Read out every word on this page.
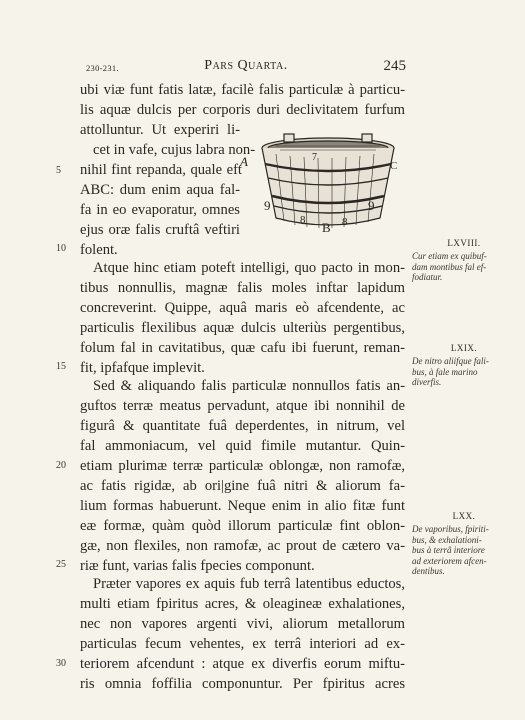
230-231.	Pars Quarta.	245
ubi viæ funt fatis latæ, facilè falis particulæ à particu-
lis aquæ dulcis per corporis duri declivitatem furfum
attolluntur. Ut experiri li-
cet in vafe, cujus labra non-
nihil fint repanda, quale eft
ABC: dum enim aqua fal-
fa in eo evaporatur, omnes
ejus oræ falis cruftâ veftiri
folent.
Atque hinc etiam poteft intelligi, quo pacto in mon-
tibus nonnullis, magnæ falis moles inftar lapidum
concreverint. Quippe, aquâ maris eò afcendente, ac
particulis flexilibus aquæ dulcis ulteriùs pergentibus,
folum fal in cavitatibus, quæ cafu ibi fuerunt, reman-
fit, ipfafque implevit.
Sed & aliquando falis particulæ nonnullos fatis an-
guftos terræ meatus pervadunt, atque ibi nonnihil de
figurâ & quantitate fuâ deperdentes, in nitrum, vel
fal ammoniacum, vel quid fimile mutantur. Quin-
etiam plurimæ terræ particulæ oblongæ, non ramofæ,
ac fatis rigidæ, ab ori|gine fuâ nitri & aliorum fa-
lium formas habuerunt. Neque enim in alio fitæ funt
eæ formæ, quàm quòd illorum particulæ fint oblon-
gæ, non flexiles, non ramofæ, ac prout de cætero va-
riæ funt, varias falis fpecies componunt.
Præter vapores ex aquis fub terrâ latentibus eductos,
multi etiam fpiritus acres, & oleagineæ exhalationes,
nec non vapores argenti vivi, aliorum metallorum
particulas fecum vehentes, ex terrâ interiori ad ex-
teriorem afcendunt : atque ex diverfis eorum miftu-
ris omnia foffilia componuntur. Per fpiritus acres
5
10
15
20
25
30
LXVIII.
Cur etiam ex quibuf-
dam montibus fal ef-
fodiatur.
LXIX.
De nitro aliifque fali-
bus, à fale marino
diverfis.
LXX.
De vaporibus, fpiriti-
bus, & exhalationi-
bus à terrâ interiore
ad exteriorem afcen-
dentibus.
A
B
C
7
9
8	8
9
